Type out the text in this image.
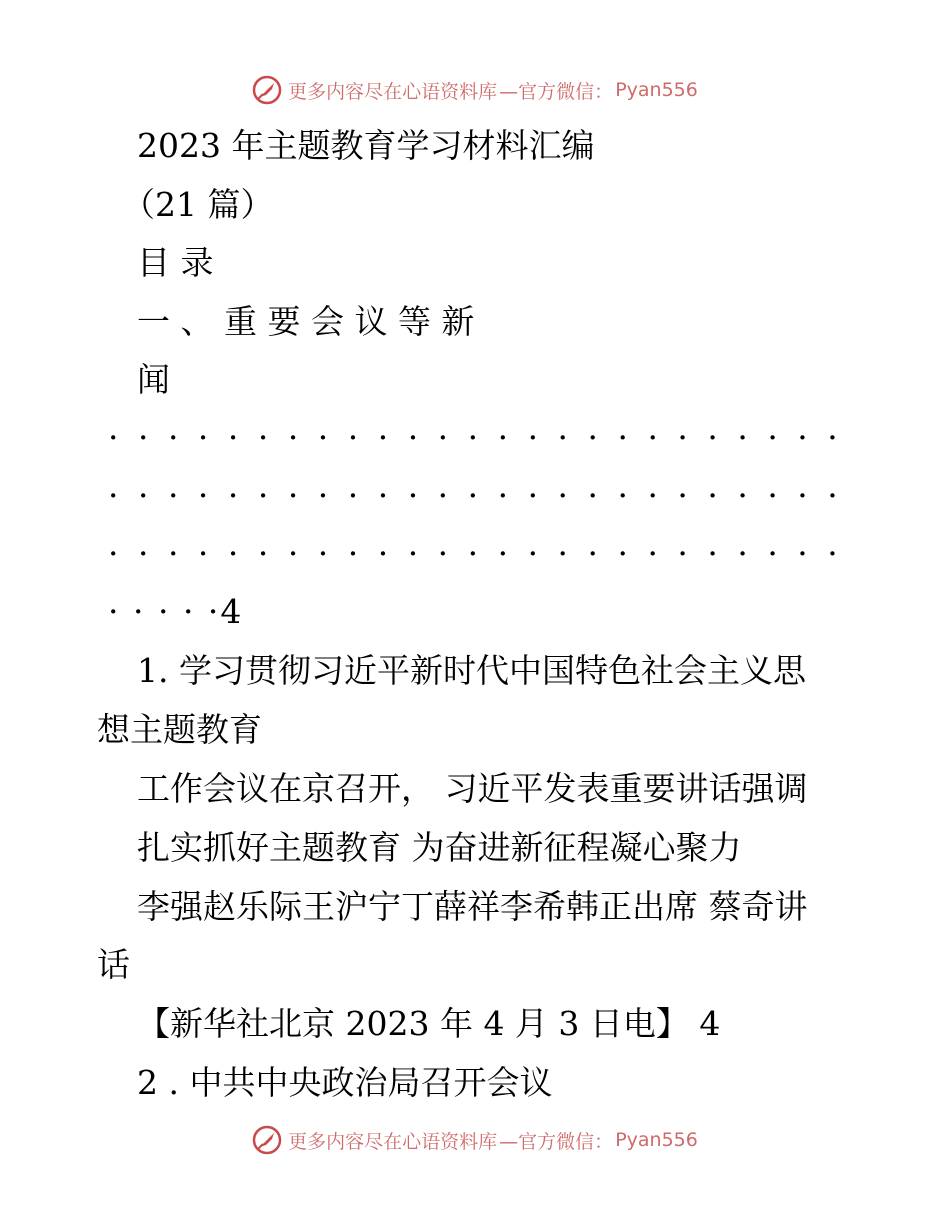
更多内容尽在心语资料库 —官方微信： Pyan556
2023 年主题教育学习材料汇编
（21 篇）
目 录
一 、 重 要 会 议 等 新
闻
· · · · · · · · · · · · · · · · · · · · · · · · ·
· · · · · · · · · · · · · · · · · · · · · · · · ·
· · · · · · · · · · · · · · · · · · · · · · · · ·
· · · · ·4
1. 学习贯彻习近平新时代中国特色社会主义思
想主题教育
工作会议在京召开， 习近平发表重要讲话强调
扎实抓好主题教育 为奋进新征程凝心聚力
李强赵乐际王沪宁丁薛祥李希韩正出席 蔡奇讲
话
【新华社北京 2023 年 4 月 3 日电】 4
2 . 中共中央政治局召开会议
更多内容尽在心语资料库 —官方微信： Pyan556
